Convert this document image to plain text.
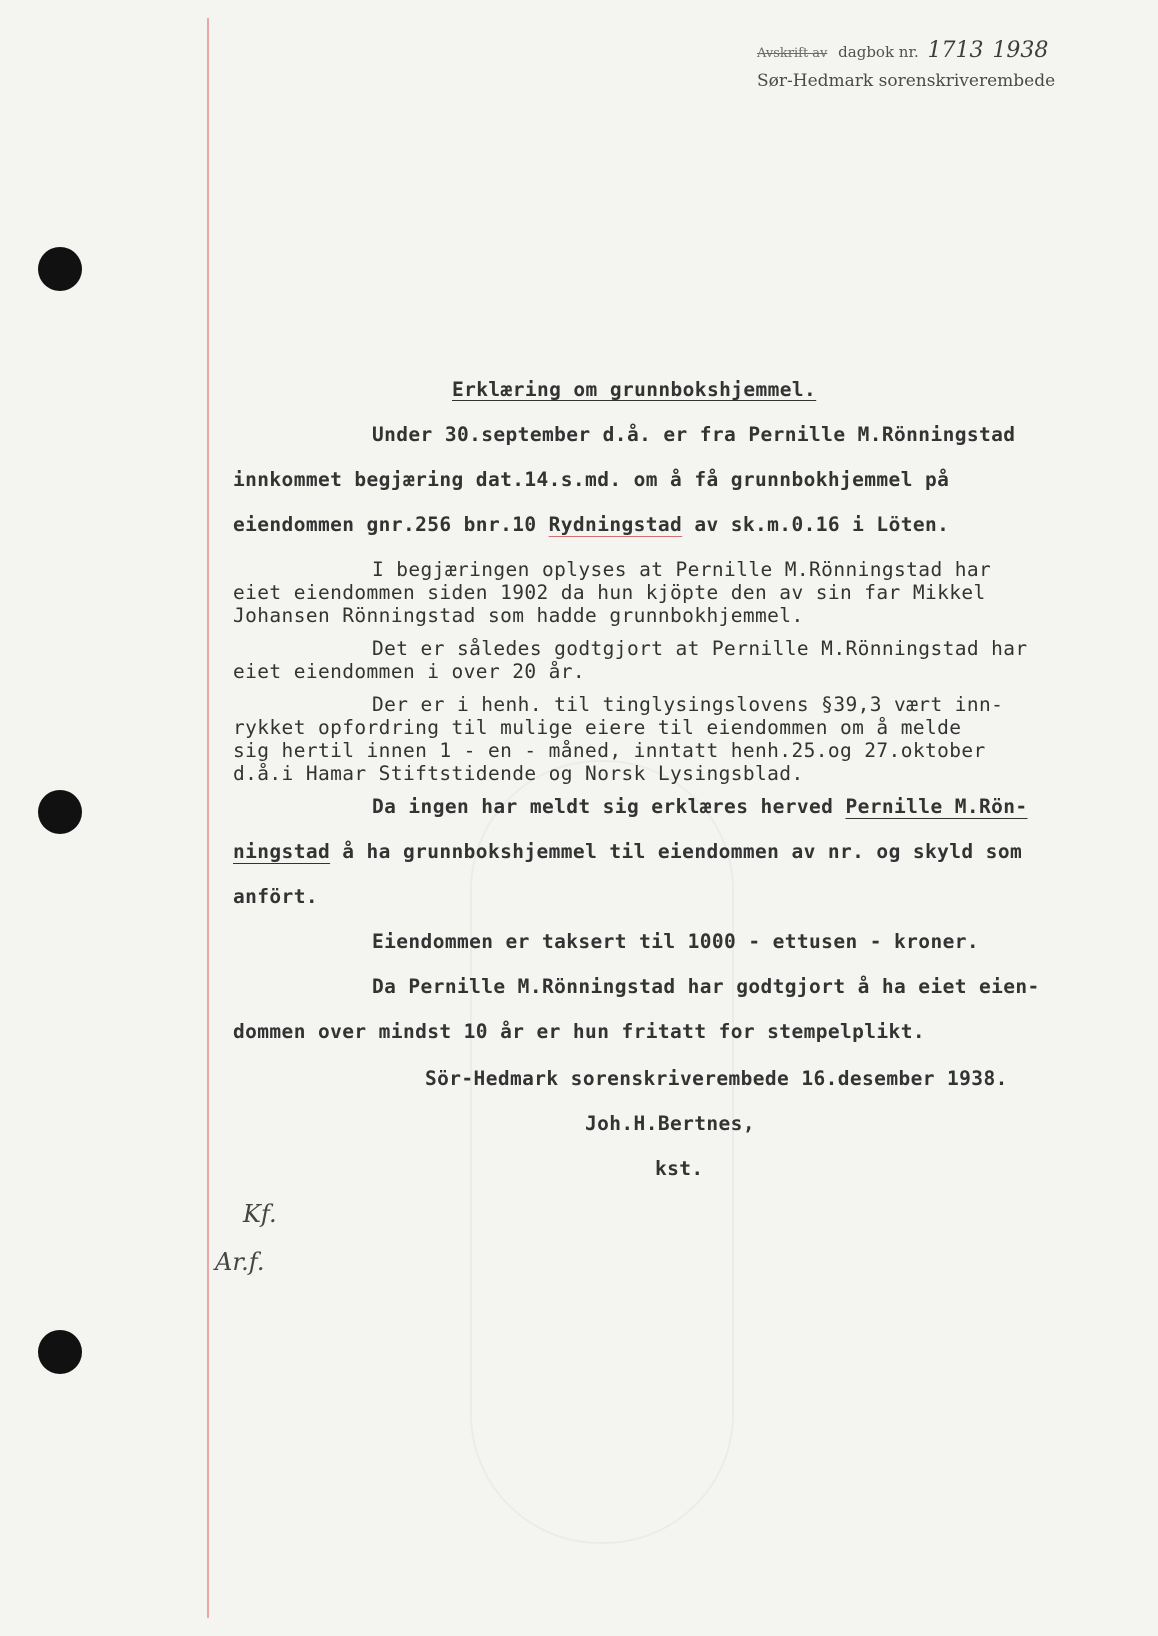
Avskrift av dagbok nr. 1713 1938
Sør-Hedmark sorenskriverembede
Erklæring om grunnbokshjemmel.
Under 30.september d.å. er fra Pernille M.Rönningstad
innkommet begjæring dat.14.s.md. om å få grunnbokhjemmel på
eiendommen gnr.256 bnr.10 Rydningstad av sk.m.0.16 i Löten.
I begjæringen oplyses at Pernille M.Rönningstad har
eiet eiendommen siden 1902 da hun kjöpte den av sin far Mikkel
Johansen Rönningstad som hadde grunnbokhjemmel.
Det er således godtgjort at Pernille M.Rönningstad har
eiet eiendommen i over 20 år.
Der er i henh. til tinglysingslovens §39,3 vært inn-
rykket opfordring til mulige eiere til eiendommen om å melde
sig hertil innen 1 - en - måned, inntatt henh.25.og 27.oktober
d.å.i Hamar Stiftstidende og Norsk Lysingsblad.
Da ingen har meldt sig erklæres herved Pernille M.Rön-
ningstad å ha grunnbokshjemmel til eiendommen av nr. og skyld som
anfört.
Eiendommen er taksert til 1000 - ettusen - kroner.
Da Pernille M.Rönningstad har godtgjort å ha eiet eien-
dommen over mindst 10 år er hun fritatt for stempelplikt.
Sör-Hedmark sorenskriverembede 16.desember 1938.
Joh.H.Bertnes,
kst.
Kf.
Ar.f.
